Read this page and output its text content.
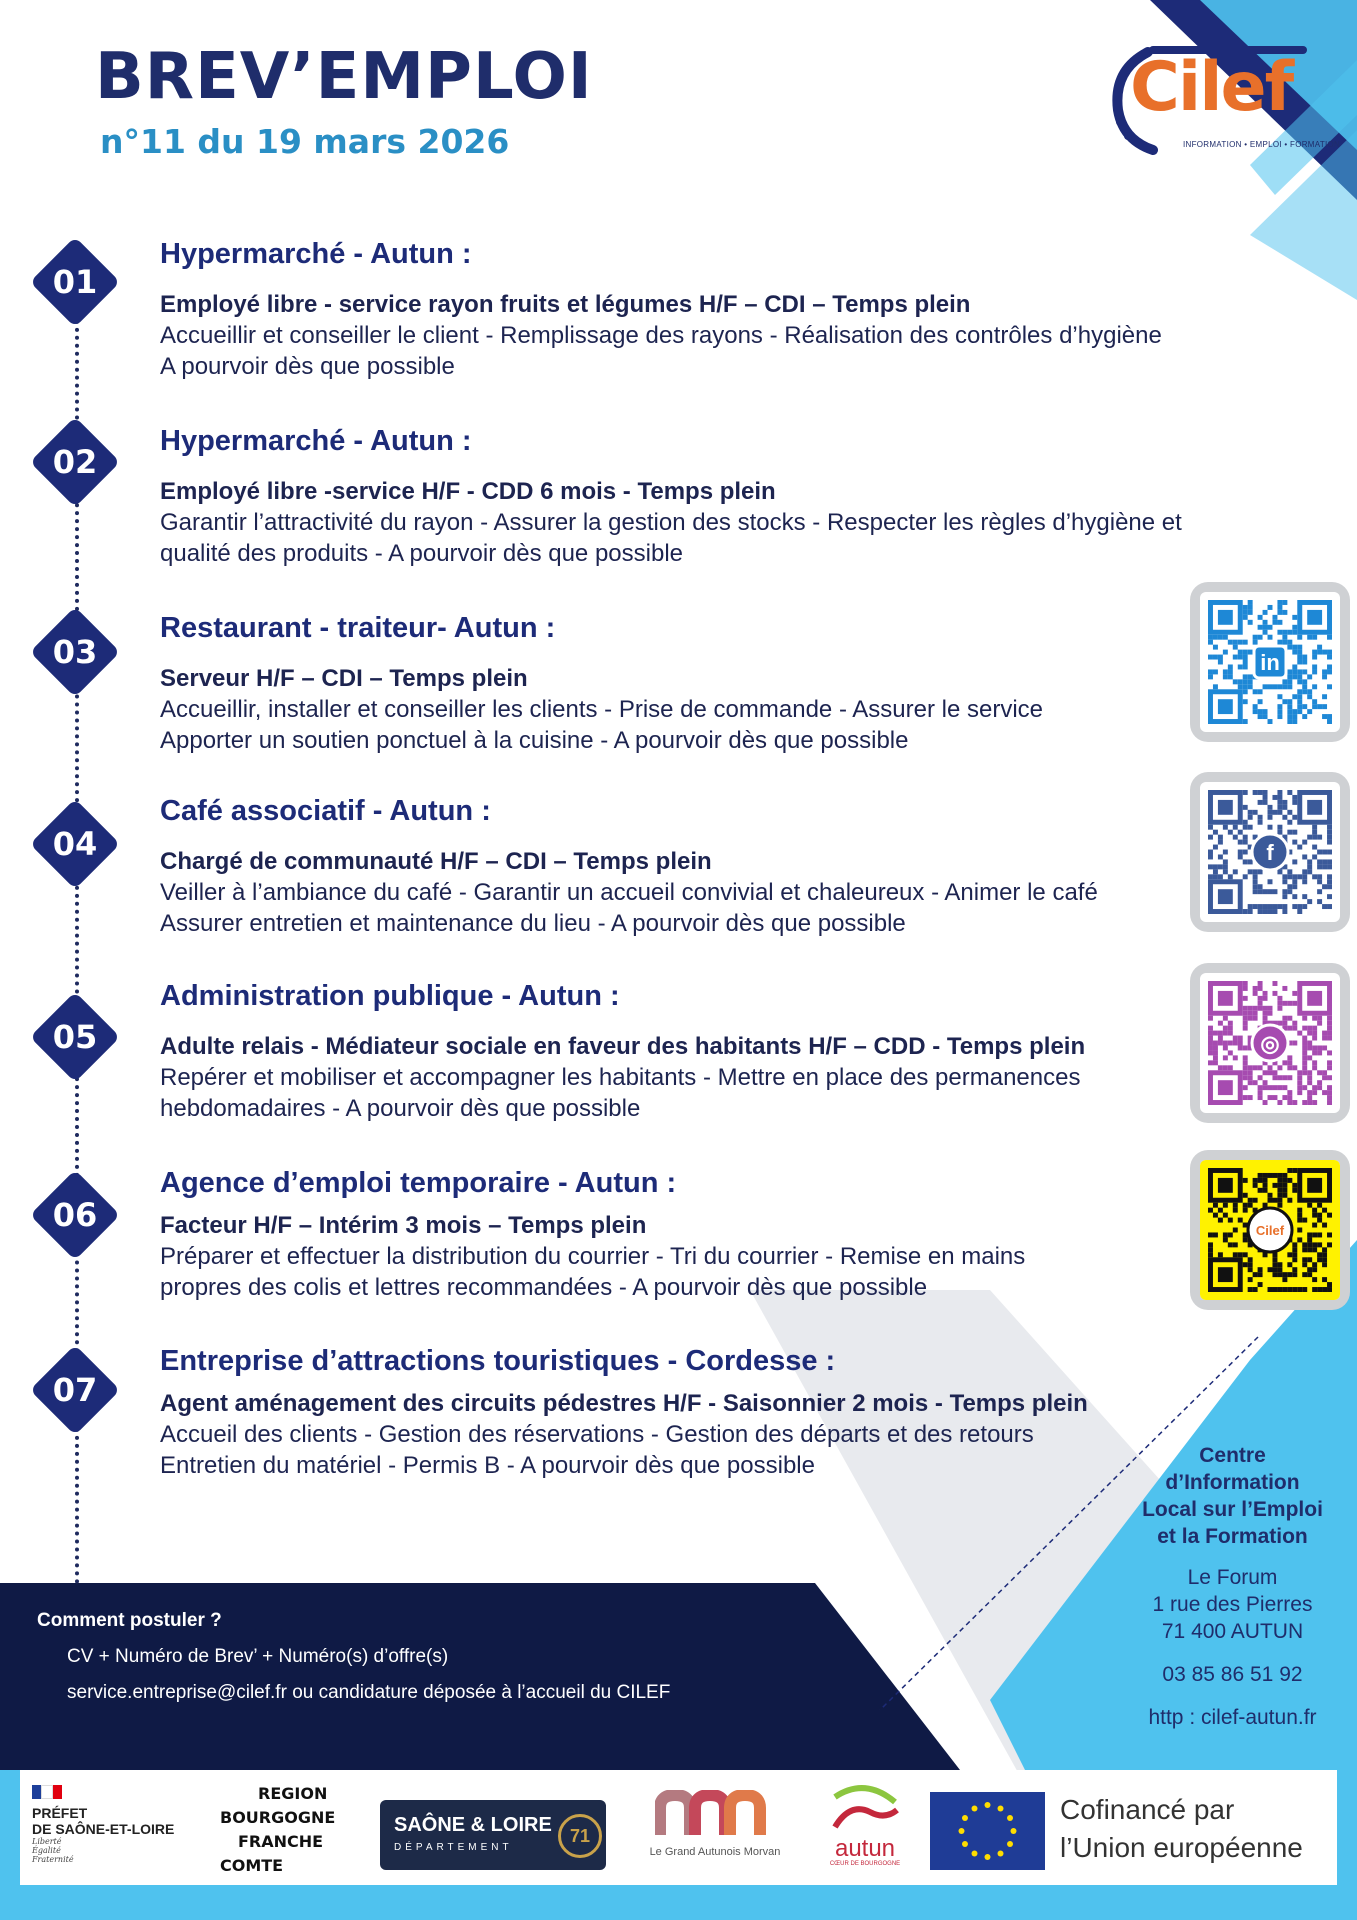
BREV’EMPLOI
n°11 du 19 mars 2026
Cilef
INFORMATION • EMPLOI • FORMATION
01
02
03
04
05
06
07
Hypermarché - Autun :

Employé libre - service rayon fruits et légumes H/F – CDI – Temps plein

Accueillir et conseiller le client - Remplissage des rayons - Réalisation des contrôles d’hygiène

A pourvoir dès que possible

Hypermarché - Autun :

Employé libre -service H/F - CDD 6 mois - Temps plein

Garantir l’attractivité du rayon - Assurer la gestion des stocks - Respecter les règles d’hygiène et

qualité des produits - A pourvoir dès que possible

Restaurant - traiteur- Autun :

Serveur H/F – CDI – Temps plein

Accueillir, installer et conseiller les clients - Prise de commande - Assurer le service

Apporter un soutien ponctuel à la cuisine - A pourvoir dès que possible

Café associatif - Autun :

Chargé de communauté H/F – CDI – Temps plein

Veiller à l’ambiance du café - Garantir un accueil convivial et chaleureux - Animer le café

Assurer entretien et maintenance du lieu - A pourvoir dès que possible

Administration publique - Autun :

Adulte relais - Médiateur sociale en faveur des habitants H/F – CDD - Temps plein

Repérer et mobiliser et accompagner les habitants - Mettre en place des permanences

hebdomadaires - A pourvoir dès que possible

Agence d’emploi temporaire - Autun :

Facteur H/F – Intérim 3 mois – Temps plein

Préparer et effectuer la distribution du courrier - Tri du courrier - Remise en mains

propres des colis et lettres recommandées - A pourvoir dès que possible

Entreprise d’attractions touristiques - Cordesse :

Agent aménagement des circuits pédestres H/F - Saisonnier 2 mois - Temps plein

Accueil des clients - Gestion des réservations - Gestion des départs et des retours

Entretien du matériel - Permis B - A pourvoir dès que possible

in
f
◎
Cilef
Centre
d’Information
Local sur l’Emploi
et la Formation
Le Forum
1 rue des Pierres
71 400 AUTUN
03 85 86 51 92
http : cilef-autun.fr
Comment postuler ?
CV + Numéro de Brev’ + Numéro(s) d’offre(s)
service.entreprise@cilef.fr ou candidature déposée à l’accueil du CILEF
PRÉFET
DE SAÔNE-ET-LOIRE
Liberté
Égalité
Fraternité
REGION
BOURGOGNE
FRANCHE
COMTE
SAÔNE & LOIRE
DÉPARTEMENT
71
Le Grand Autunois Morvan	autun
CŒUR DE BOURGOGNE
Cofinancé par
l’Union européenne
